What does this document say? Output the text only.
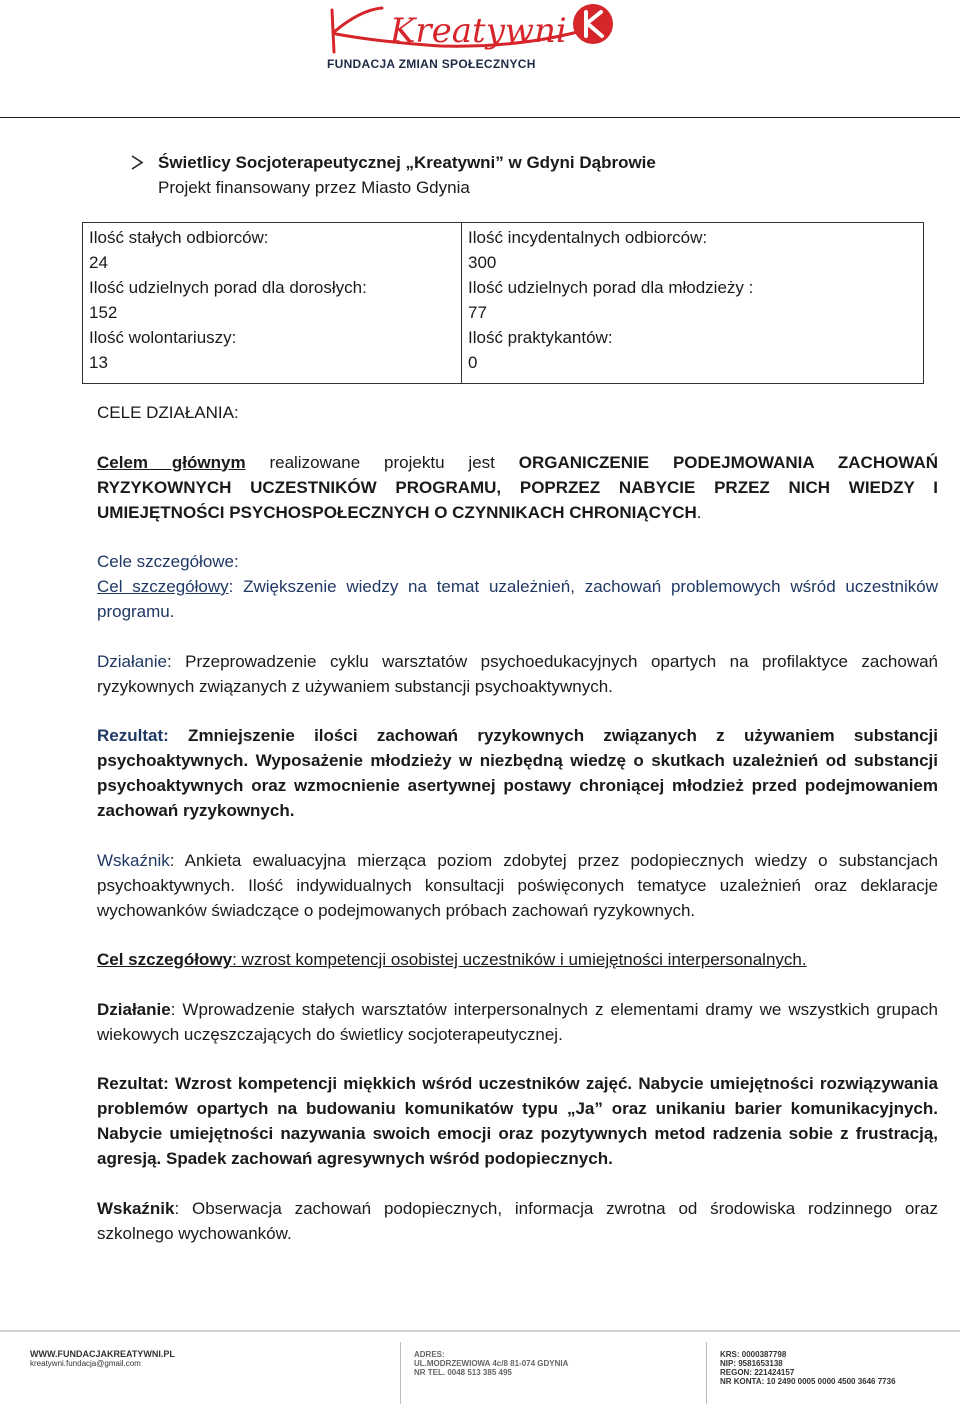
Kreatywni
FUNDACJA ZMIAN SPOŁECZNYCH
Świetlicy Socjoterapeutycznej „Kreatywni” w Gdyni Dąbrowie
Projekt finansowany przez Miasto Gdynia
Ilość stałych odbiorców:
24
Ilość udzielnych porad dla dorosłych:
152
Ilość wolontariuszy:
13

Ilość incydentalnych odbiorców:
300
Ilość udzielnych porad dla młodzieży :
77
Ilość praktykantów:
0

CELE DZIAŁANIA:

Celem głównym realizowane projektu jest ORGANICZENIE PODEJMOWANIA ZACHOWAŃ RYZYKOWNYCH UCZESTNIKÓW PROGRAMU, POPRZEZ NABYCIE PRZEZ NICH WIEDZY I UMIEJĘTNOŚCI PSYCHOSPOŁECZNYCH O CZYNNIKACH CHRONIĄCYCH.

Cele szczegółowe:

Cel szczegółowy: Zwiększenie wiedzy na temat uzależnień, zachowań problemowych wśród uczestników programu.

Działanie: Przeprowadzenie cyklu warsztatów psychoedukacyjnych opartych na profilaktyce zachowań ryzykownych związanych z używaniem substancji psychoaktywnych.

Rezultat: Zmniejszenie ilości zachowań ryzykownych związanych z używaniem substancji psychoaktywnych. Wyposażenie młodzieży w niezbędną wiedzę o skutkach uzależnień od substancji psychoaktywnych oraz wzmocnienie asertywnej postawy chroniącej młodzież przed podejmowaniem zachowań ryzykownych.

Wskaźnik: Ankieta ewaluacyjna mierząca poziom zdobytej przez podopiecznych wiedzy o substancjach psychoaktywnych. Ilość indywidualnych konsultacji poświęconych tematyce uzależnień oraz deklaracje wychowanków świadczące o podejmowanych próbach zachowań ryzykownych.

Cel szczegółowy: wzrost kompetencji osobistej uczestników i umiejętności interpersonalnych.

Działanie: Wprowadzenie stałych warsztatów interpersonalnych z elementami dramy we wszystkich grupach wiekowych uczęszczających do świetlicy socjoterapeutycznej.

Rezultat: Wzrost kompetencji miękkich wśród uczestników zajęć. Nabycie umiejętności rozwiązywania problemów opartych na budowaniu komunikatów typu „Ja” oraz unikaniu barier komunikacyjnych. Nabycie umiejętności nazywania swoich emocji oraz pozytywnych metod radzenia sobie z frustracją, agresją. Spadek zachowań agresywnych wśród podopiecznych.

Wskaźnik: Obserwacja zachowań podopiecznych, informacja zwrotna od środowiska rodzinnego oraz szkolnego wychowanków.

WWW.FUNDACJAKREATYWNI.PL
kreatywni.fundacja@gmail.com
ADRES:
UL.MODRZEWIOWA 4c/8 81-074 GDYNIA
NR TEL. 0048 513 385 495
KRS: 0000387798
NIP: 9581653138
REGON: 221424157
NR KONTA: 10 2490 0005 0000 4500 3646 7736
